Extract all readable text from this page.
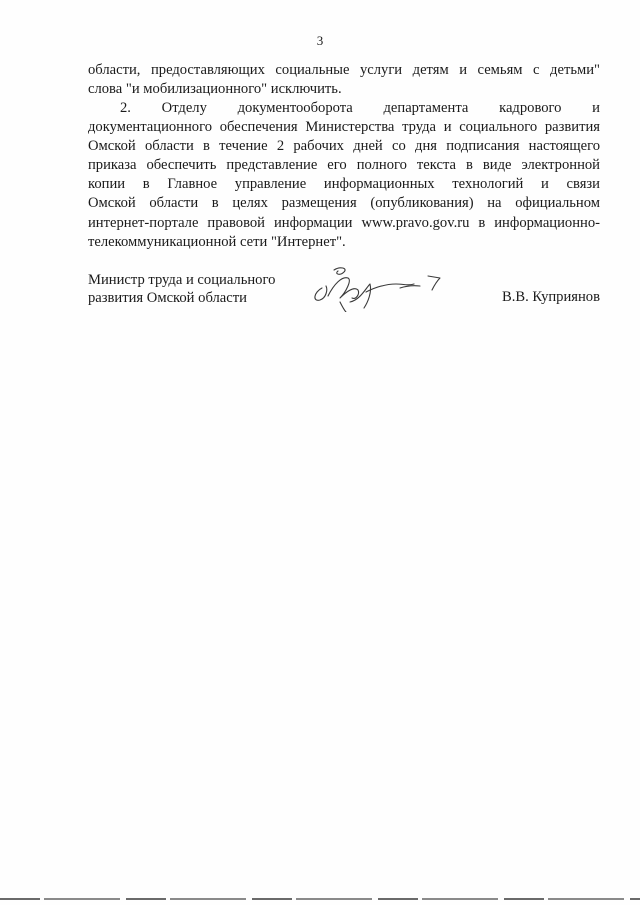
3
области, предоставляющих социальные услуги детям и семьям с детьми"
слова "и мобилизационного" исключить.
2. Отделу документооборота департамента кадрового и
документационного обеспечения Министерства труда и социального развития
Омской области в течение 2 рабочих дней со дня подписания настоящего
приказа обеспечить представление его полного текста в виде электронной
копии в Главное управление информационных технологий и связи
Омской области в целях размещения (опубликования) на официальном
интернет-портале правовой информации www.pravo.gov.ru в информационно-
телекоммуникационной сети "Интернет".
Министр труда и социального
развития Омской области	В.В. Куприянов
